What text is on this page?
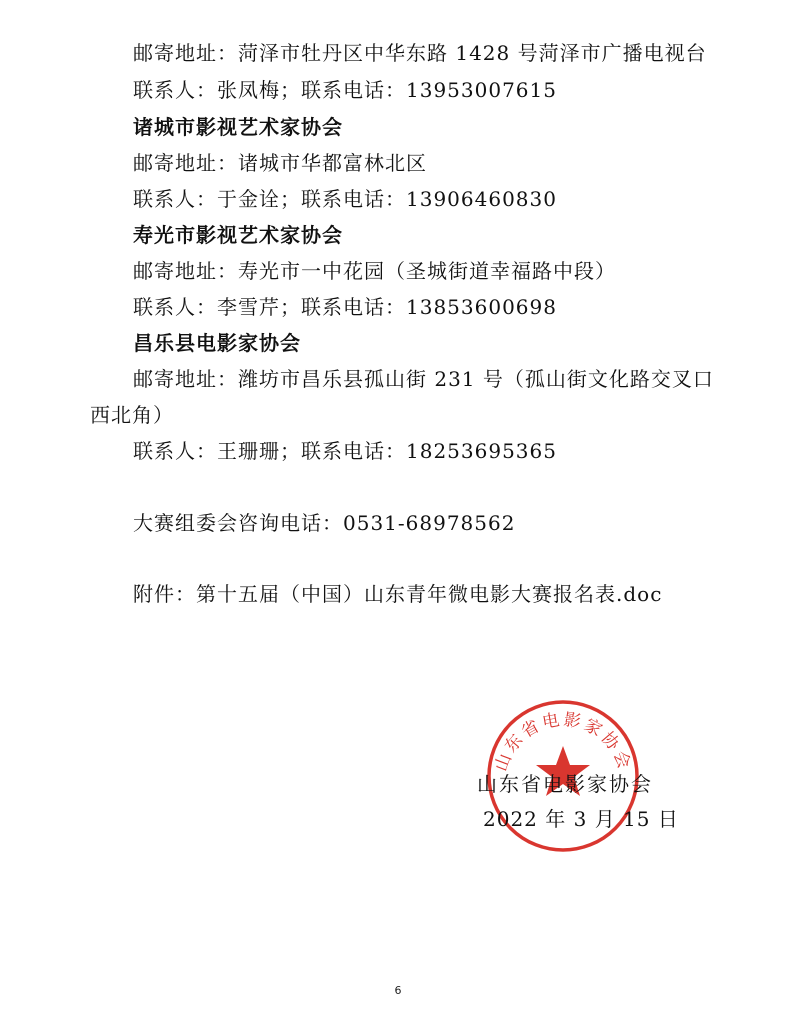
邮寄地址：菏泽市牡丹区中华东路 1428 号菏泽市广播电视台
联系人：张凤梅；联系电话：13953007615
诸城市影视艺术家协会
邮寄地址：诸城市华都富林北区
联系人：于金诠；联系电话：13906460830
寿光市影视艺术家协会
邮寄地址：寿光市一中花园（圣城街道幸福路中段）
联系人：李雪芹；联系电话：13853600698
昌乐县电影家协会
邮寄地址：潍坊市昌乐县孤山街 231 号（孤山街文化路交叉口
西北角）
联系人：王珊珊；联系电话：18253695365
大赛组委会咨询电话：0531-68978562
附件：第十五届（中国）山东青年微电影大赛报名表.doc
山东省电影家协会
山东省电影家协会
2022 年 3 月 15 日
6
